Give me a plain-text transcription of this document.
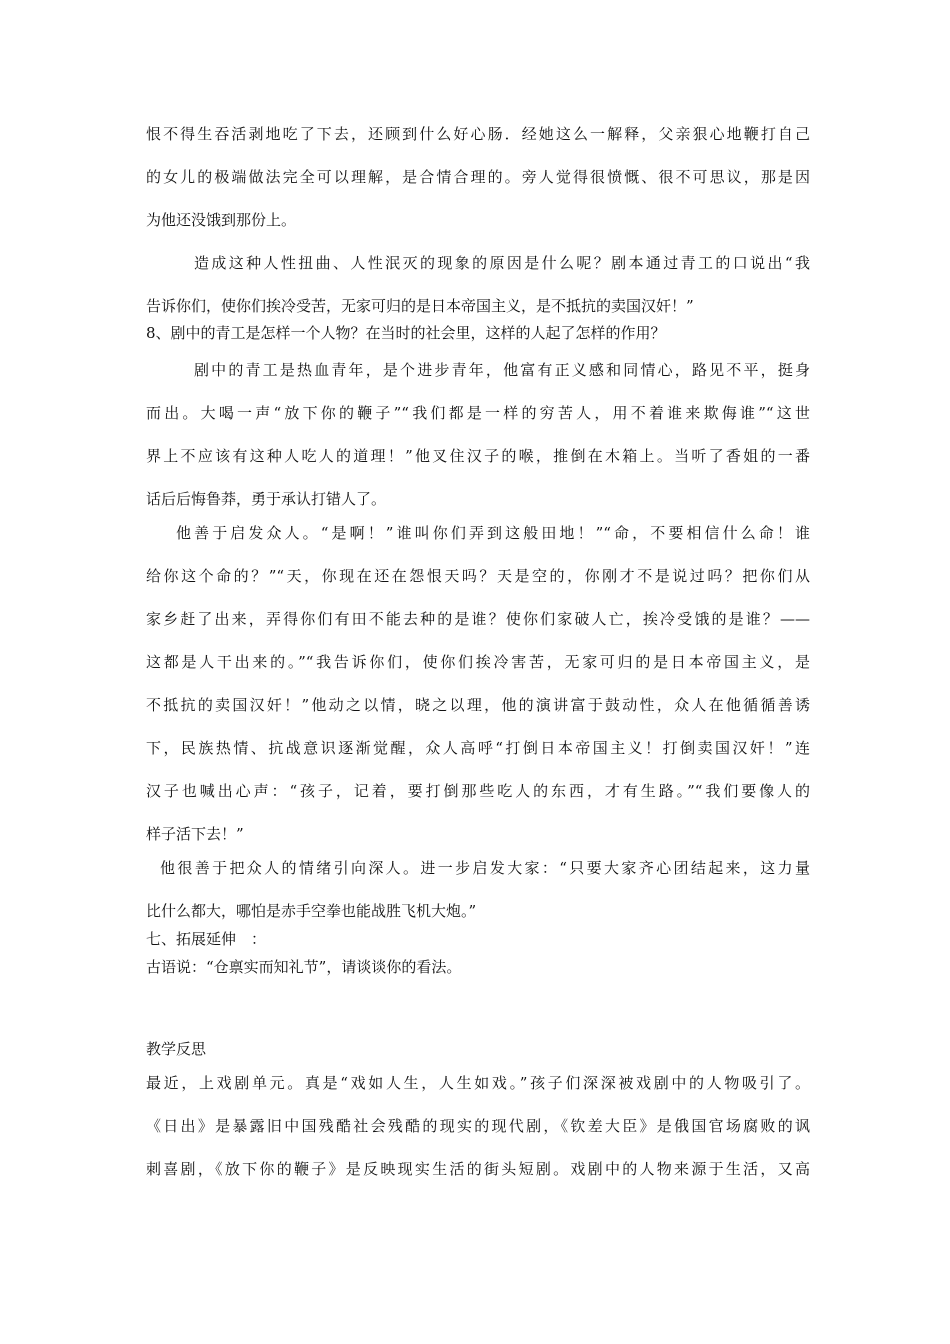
恨不得生吞活剥地吃了下去，还顾到什么好心肠．经她这么一解释，父亲狠心地鞭打自己
的女儿的极端做法完全可以理解，是合情合理的。旁人觉得很愤慨、很不可思议，那是因
为他还没饿到那份上。
造成这种人性扭曲、人性泯灭的现象的原因是什么呢？剧本通过青工的口说出“我
告诉你们，使你们挨冷受苦，无家可归的是日本帝国主义，是不抵抗的卖国汉奸！”
8、剧中的青工是怎样一个人物？在当时的社会里，这样的人起了怎样的作用？
剧中的青工是热血青年，是个进步青年，他富有正义感和同情心，路见不平，挺身
而出。大喝一声“放下你的鞭子”“我们都是一样的穷苦人，用不着谁来欺侮谁”“这世
界上不应该有这种人吃人的道理！”他叉住汉子的喉，推倒在木箱上。当听了香姐的一番
话后后悔鲁莽，勇于承认打错人了。
他善于启发众人。“是啊！”谁叫你们弄到这般田地！”“命，不要相信什么命！谁
给你这个命的？”“天，你现在还在怨恨天吗？天是空的，你刚才不是说过吗？把你们从
家乡赶了出来，弄得你们有田不能去种的是谁？使你们家破人亡，挨冷受饿的是谁？——
这都是人干出来的。”“我告诉你们，使你们挨冷害苦，无家可归的是日本帝国主义，是
不抵抗的卖国汉奸！”他动之以情，晓之以理，他的演讲富于鼓动性，众人在他循循善诱
下，民族热情、抗战意识逐渐觉醒，众人高呼“打倒日本帝国主义！打倒卖国汉奸！”连
汉子也喊出心声：“孩子，记着，要打倒那些吃人的东西，才有生路。”“我们要像人的
样子活下去！”
他很善于把众人的情绪引向深人。进一步启发大家：“只要大家齐心团结起来，这力量
比什么都大，哪怕是赤手空拳也能战胜飞机大炮。”
七、拓展延伸　：
古语说：“仓禀实而知礼节”，请谈谈你的看法。
教学反思
最近，上戏剧单元。真是“戏如人生，人生如戏。”孩子们深深被戏剧中的人物吸引了。
《日出》是暴露旧中国残酷社会残酷的现实的现代剧，《钦差大臣》是俄国官场腐败的讽
刺喜剧，《放下你的鞭子》是反映现实生活的街头短剧。戏剧中的人物来源于生活，又高
